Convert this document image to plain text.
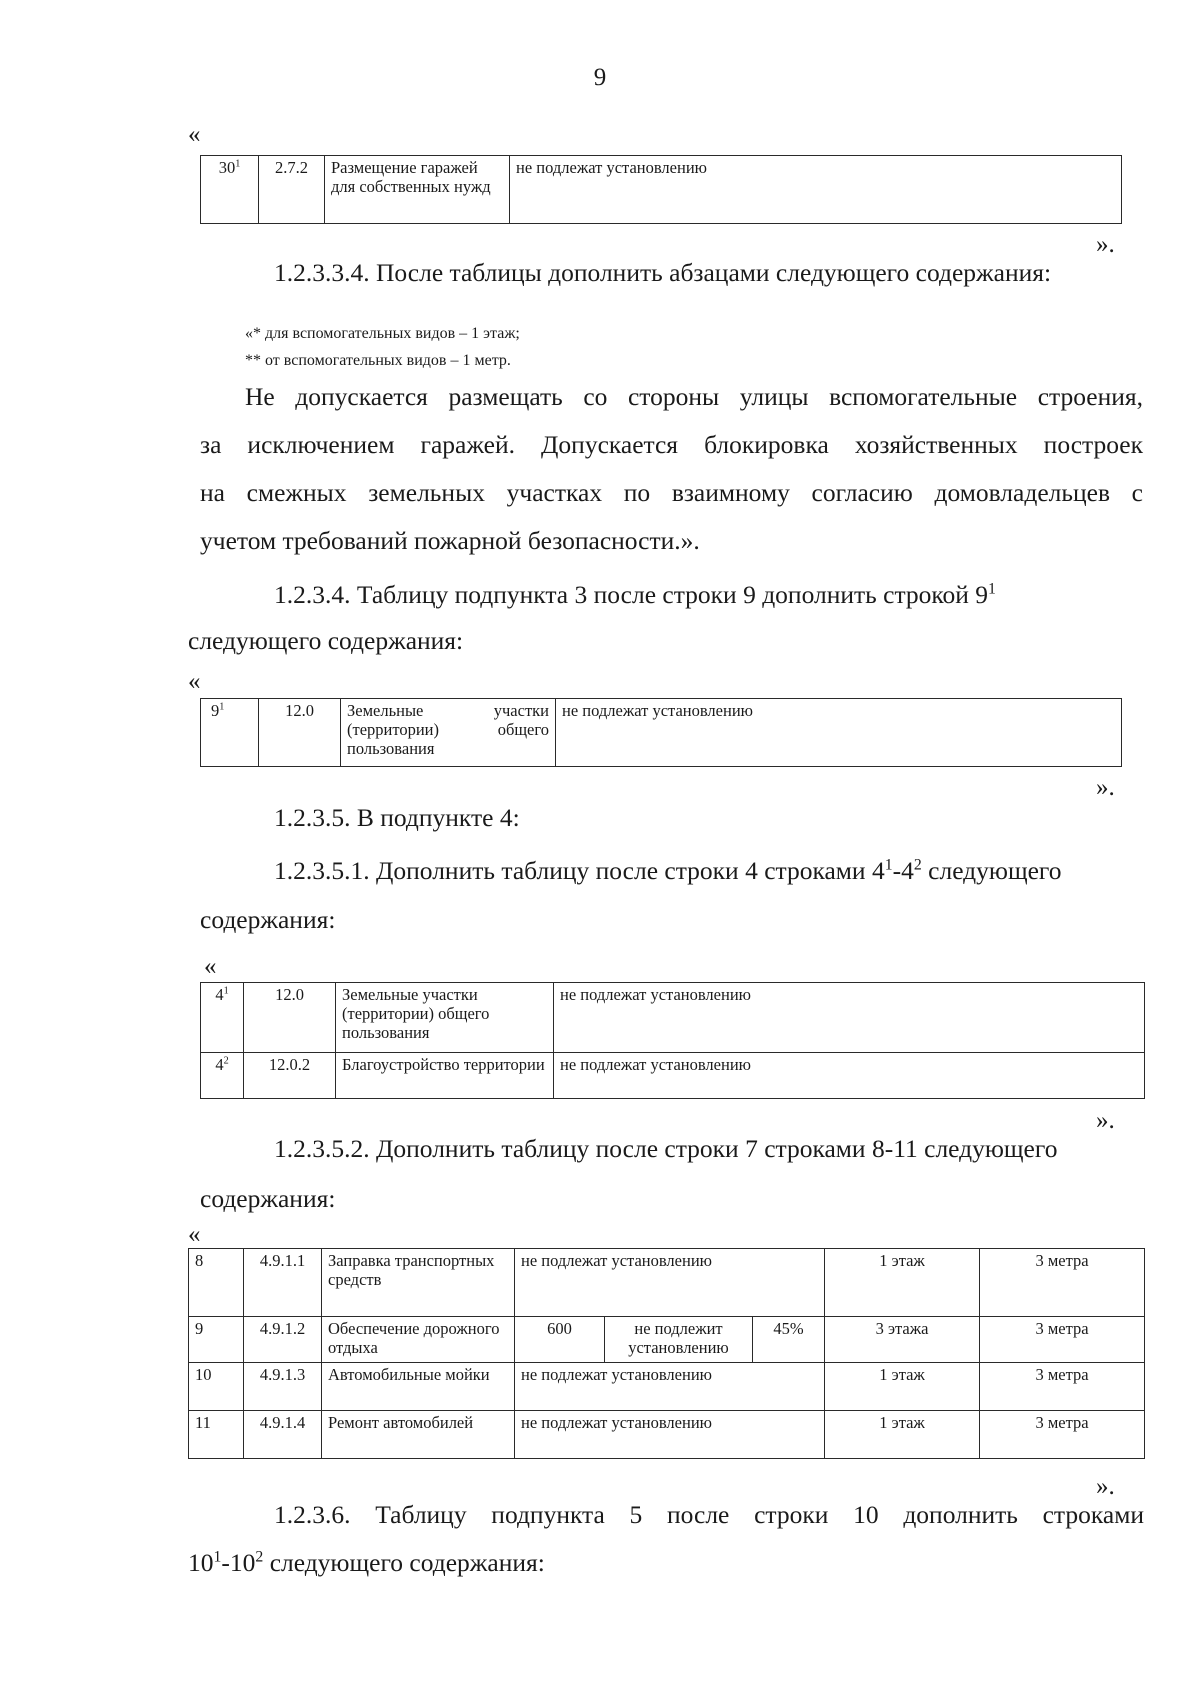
9
«
$30^1$	2.7.2	Размещение гаражей для собственных нужд	не подлежат установлению
».
1.2.3.3.4. После таблицы дополнить абзацами следующего содержания:
«* для вспомогательных видов – 1 этаж;
** от вспомогательных видов – 1 метр.
Не допускается размещать со стороны улицы вспомогательные строения,
за исключением гаражей. Допускается блокировка хозяйственных построек
на смежных земельных участках по взаимному согласию домовладельцев с
учетом требований пожарной безопасности.».
1.2.3.4. Таблицу подпункта 3 после строки 9 дополнить строкой $9^1$
следующего содержания:
«
$9^1$	12.0	Земельные участки (территории) общего пользования	не подлежат установлению
».
1.2.3.5. В подпункте 4:
1.2.3.5.1. Дополнить таблицу после строки 4 строками $4^1-4^2$ следующего
содержания:
«
$4^1$	12.0	Земельные участки (территории) общего пользования	не подлежат установлению
$4^2$	12.0.2	Благоустройство территории	не подлежат установлению
».
1.2.3.5.2. Дополнить таблицу после строки 7 строками 8-11 следующего
содержания:
«
8	4.9.1.1	Заправка транспортных средств	не подлежат установлению			1 этаж	3 метра
9	4.9.1.2	Обеспечение дорожного отдыха	600	не подлежит установлению	45%	3 этажа	3 метра
10	4.9.1.3	Автомобильные мойки	не подлежат установлению			1 этаж	3 метра
11	4.9.1.4	Ремонт автомобилей	не подлежат установлению			1 этаж	3 метра
».
1.2.3.6. Таблицу подпункта 5 после строки 10 дополнить строками
$10^1-10^2$ следующего содержания:
